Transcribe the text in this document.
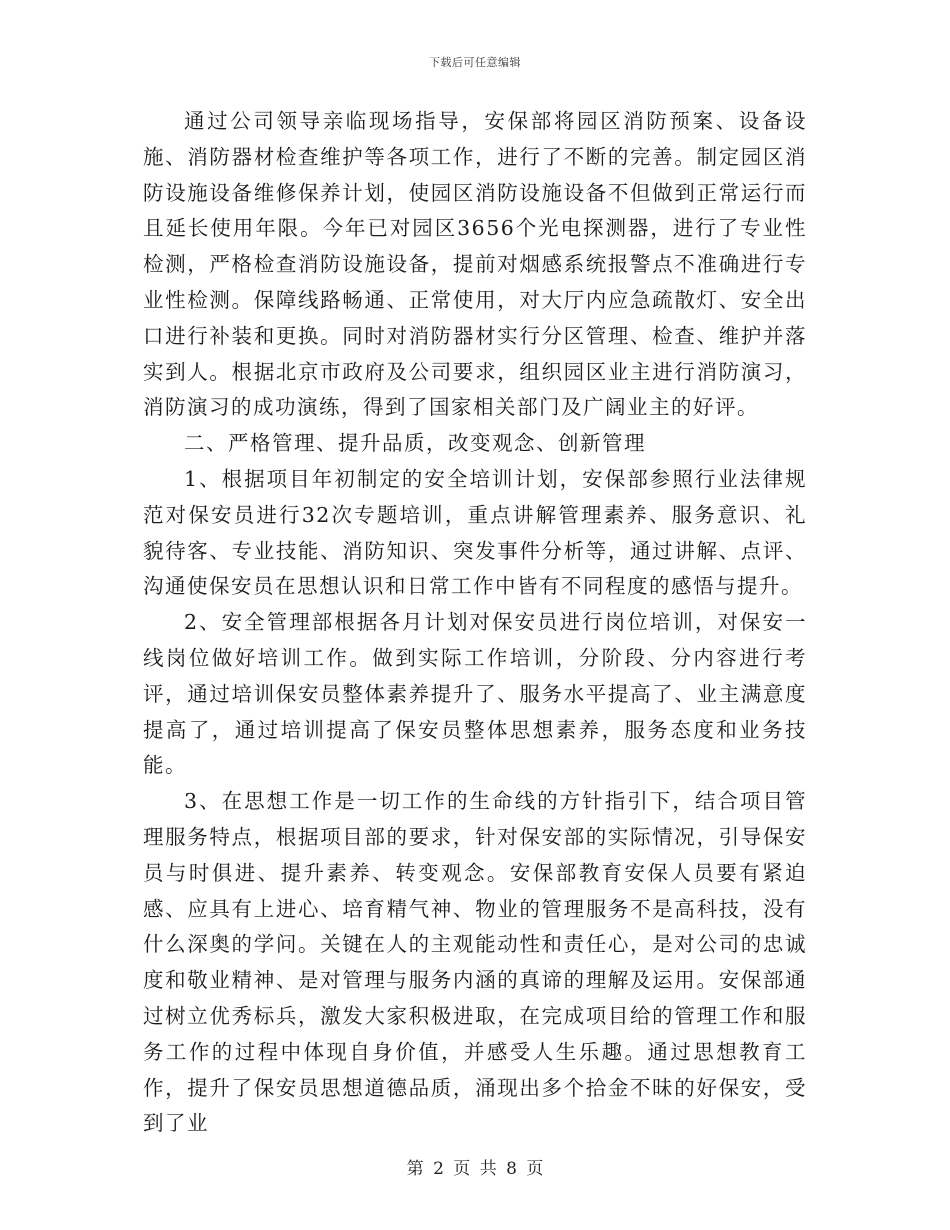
下载后可任意编辑

通过公司领导亲临现场指导，安保部将园区消防预案、设备设施、消防器材检查维护等各项工作，进行了不断的完善。制定园区消防设施设备维修保养计划，使园区消防设施设备不但做到正常运行而且延长使用年限。今年已对园区3656个光电探测器，进行了专业性检测，严格检查消防设施设备，提前对烟感系统报警点不准确进行专业性检测。保障线路畅通、正常使用，对大厅内应急疏散灯、安全出口进行补装和更换。同时对消防器材实行分区管理、检查、维护并落实到人。根据北京市政府及公司要求，组织园区业主进行消防演习，消防演习的成功演练，得到了国家相关部门及广阔业主的好评。

二、严格管理、提升品质，改变观念、创新管理

1、根据项目年初制定的安全培训计划，安保部参照行业法律规范对保安员进行32次专题培训，重点讲解管理素养、服务意识、礼貌待客、专业技能、消防知识、突发事件分析等，通过讲解、点评、沟通使保安员在思想认识和日常工作中皆有不同程度的感悟与提升。

2、安全管理部根据各月计划对保安员进行岗位培训，对保安一线岗位做好培训工作。做到实际工作培训，分阶段、分内容进行考评，通过培训保安员整体素养提升了、服务水平提高了、业主满意度提高了，通过培训提高了保安员整体思想素养，服务态度和业务技能。

3、在思想工作是一切工作的生命线的方针指引下，结合项目管理服务特点，根据项目部的要求，针对保安部的实际情况，引导保安员与时俱进、提升素养、转变观念。安保部教育安保人员要有紧迫感、应具有上进心、培育精气神、物业的管理服务不是高科技，没有什么深奥的学问。关键在人的主观能动性和责任心，是对公司的忠诚度和敬业精神、是对管理与服务内涵的真谛的理解及运用。安保部通过树立优秀标兵，激发大家积极进取，在完成项目给的管理工作和服务工作的过程中体现自身价值，并感受人生乐趣。通过思想教育工作，提升了保安员思想道德品质，涌现出多个拾金不昧的好保安，受到了业

第 2 页 共 8 页
